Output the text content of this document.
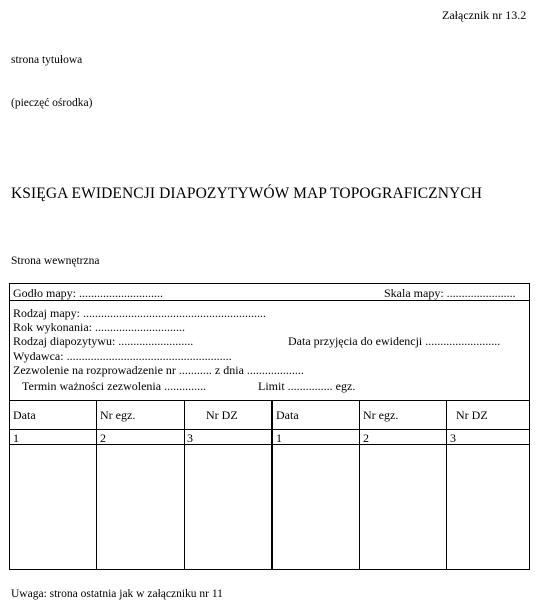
Załącznik nr 13.2
strona tytułowa
(pieczęć ośrodka)
KSIĘGA EWIDENCJI DIAPOZYTYWÓW MAP TOPOGRAFICZNYCH
Strona wewnętrzna
Godło mapy: ............................	Skala mapy: .......................
Rodzaj mapy: .............................................................
Rok wykonania: ..............................
Rodzaj diapozytywu: .........................	Data przyjęcia do ewidencji .........................
Wydawca: .......................................................
Zezwolenie na rozprowadzenie nr ........... z dnia ...................
Termin ważności zezwolenia ..............	Limit ............... egz.
Data	Nr egz.	Nr DZ	Data	Nr egz.	Nr DZ
1	2	3	1	2	3
Uwaga: strona ostatnia jak w załączniku nr 11
